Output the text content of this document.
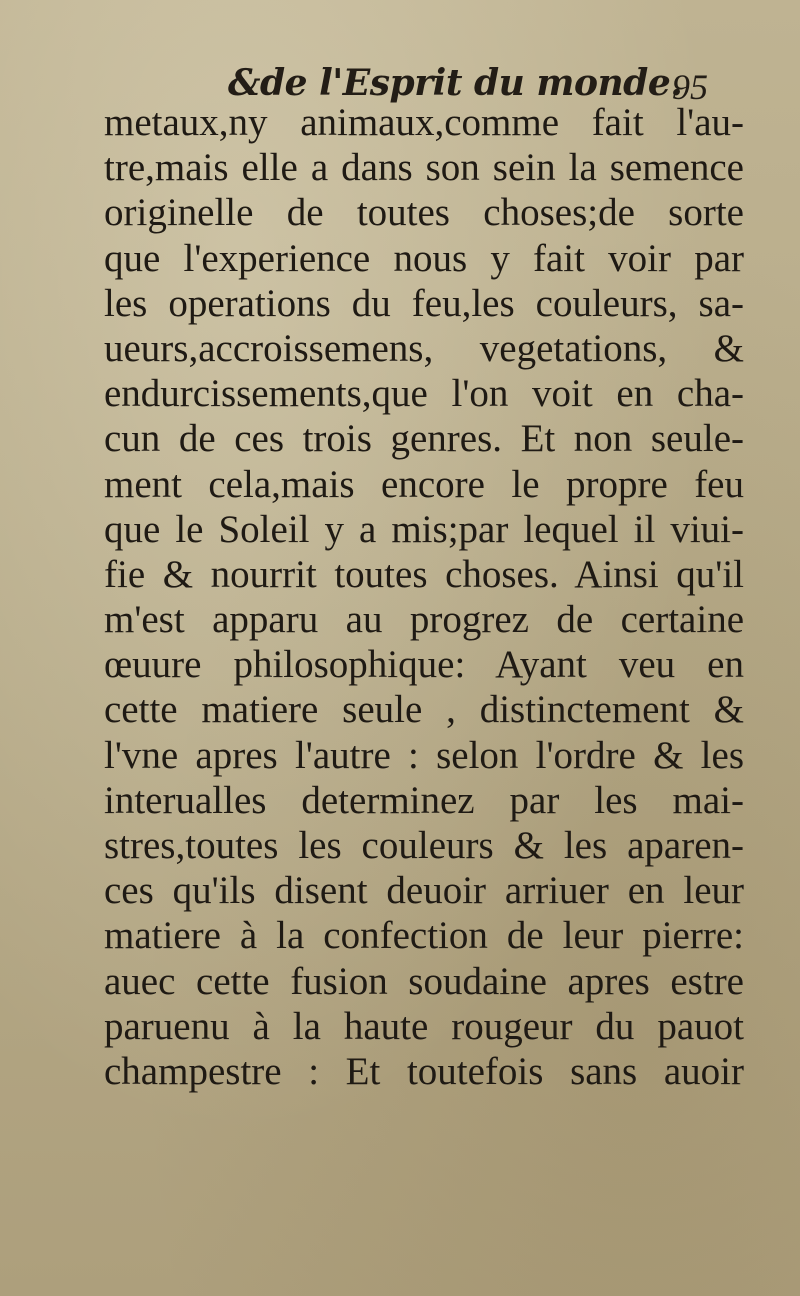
&de l'Esprit du monde.
95
metaux,ny animaux,comme fait l'au-
tre,mais elle a dans son sein la semence
originelle de toutes choses;de sorte
que l'experience nous y fait voir par
les operations du feu,les couleurs, sa-
ueurs,accroissemens, vegetations, &
endurcissements,que l'on voit en cha-
cun de ces trois genres. Et non seule-
ment cela,mais encore le propre feu
que le Soleil y a mis;par lequel il viui-
fie & nourrit toutes choses. Ainsi qu'il
m'est apparu au progrez de certaine
œuure philosophique: Ayant veu en
cette matiere seule , distinctement &
l'vne apres l'autre : selon l'ordre & les
interualles determinez par les mai-
stres,toutes les couleurs & les aparen-
ces qu'ils disent deuoir arriuer en leur
matiere à la confection de leur pierre:
auec cette fusion soudaine apres estre
paruenu à la haute rougeur du pauot
champestre : Et toutefois sans auoir
